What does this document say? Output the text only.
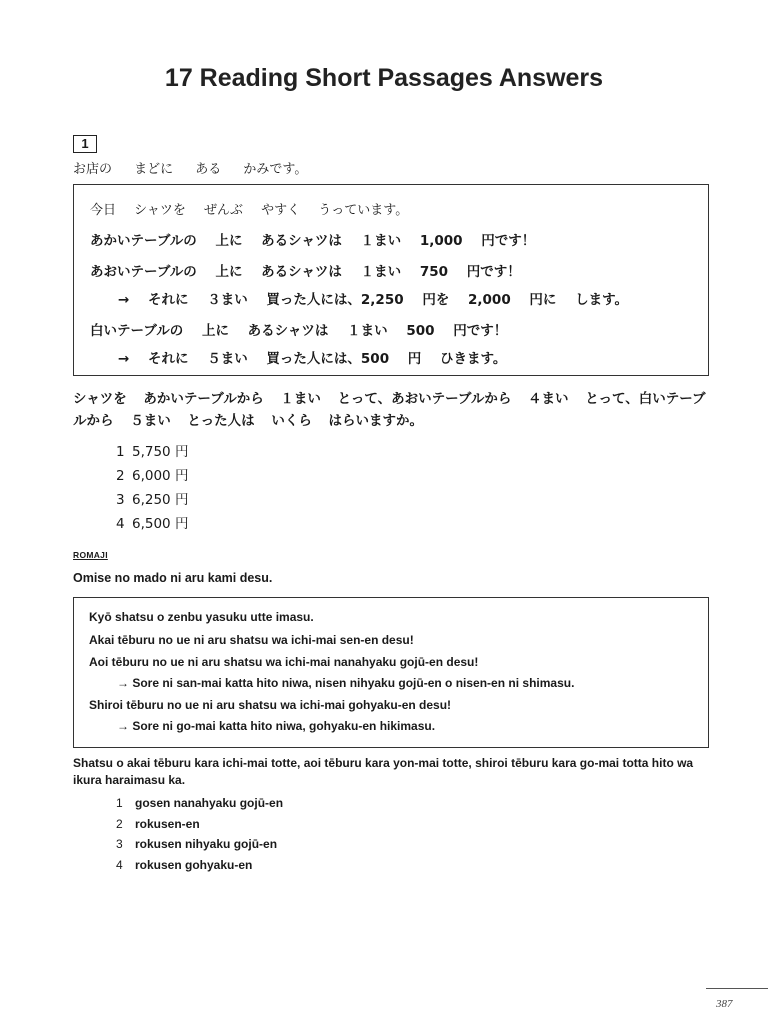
17 Reading Short Passages Answers
1
お店の まどに ある かみです。
今日 シャツを ぜんぶ やすく うっています。
あかいテーブルの 上に あるシャツは １まい 1,000 円です！
あおいテーブルの 上に あるシャツは １まい 750 円です！
→ それに ３まい 買った人には、2,250 円を 2,000 円に します。
白いテーブルの 上に あるシャツは １まい 500 円です！
→ それに ５まい 買った人には、500 円 ひきます。
シャツを あかいテーブルから １まい とって、あおいテーブルから ４まい とって、白いテーブルから ５まい とった人は いくら はらいますか。
1 5,750 円
2 6,000 円
3 6,250 円
4 6,500 円
ROMAJI
Omise no mado ni aru kami desu.
Kyō shatsu o zenbu yasuku utte imasu.
Akai tēburu no ue ni aru shatsu wa ichi-mai sen-en desu!
Aoi tēburu no ue ni aru shatsu wa ichi-mai nanahyaku gojū-en desu!
→ Sore ni san-mai katta hito niwa, nisen nihyaku gojū-en o nisen-en ni shimasu.
Shiroi tēburu no ue ni aru shatsu wa ichi-mai gohyaku-en desu!
→ Sore ni go-mai katta hito niwa, gohyaku-en hikimasu.
Shatsu o akai tēburu kara ichi-mai totte, aoi tēburu kara yon-mai totte, shiroi tēburu kara go-mai totta hito wa ikura haraimasu ka.
1 gosen nanahyaku gojū-en
2 rokusen-en
3 rokusen nihyaku gojū-en
4 rokusen gohyaku-en
387
